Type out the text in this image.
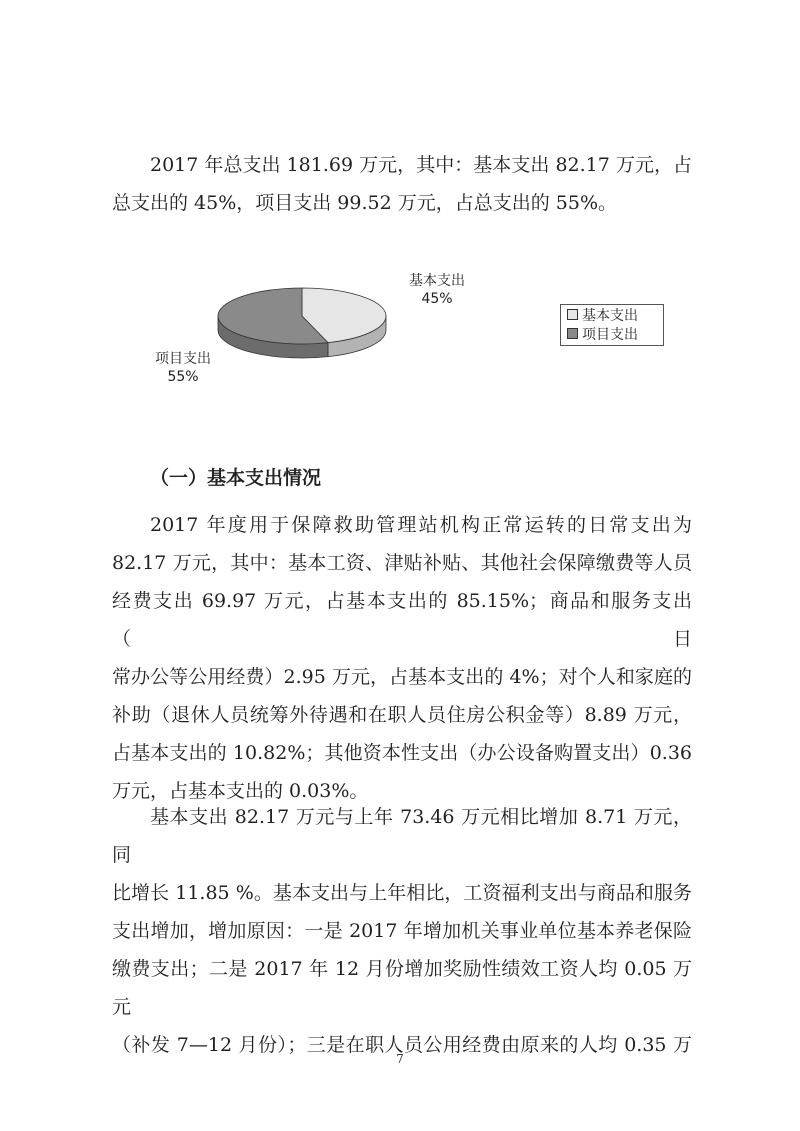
2017 年总支出 181.69 万元，其中：基本支出 82.17 万元，占
总支出的 45%，项目支出 99.52 万元，占总支出的 55%。
基本支出
45%
项目支出
55%
基本支出
项目支出
（一）基本支出情况
2017 年度用于保障救助管理站机构正常运转的日常支出为
82.17 万元，其中：基本工资、津贴补贴、其他社会保障缴费等人员
经费支出 69.97 万元，占基本支出的 85.15%；商品和服务支出（日
常办公等公用经费）2.95 万元，占基本支出的 4%；对个人和家庭的
补助（退休人员统筹外待遇和在职人员住房公积金等）8.89 万元，
占基本支出的 10.82%；其他资本性支出（办公设备购置支出）0.36
万元，占基本支出的 0.03%。
基本支出 82.17 万元与上年 73.46 万元相比增加 8.71 万元，同
比增长 11.85 %。基本支出与上年相比，工资福利支出与商品和服务
支出增加，增加原因：一是 2017 年增加机关事业单位基本养老保险
缴费支出；二是 2017 年 12 月份增加奖励性绩效工资人均 0.05 万元
（补发 7—12 月份）；三是在职人员公用经费由原来的人均 0.35 万
7
